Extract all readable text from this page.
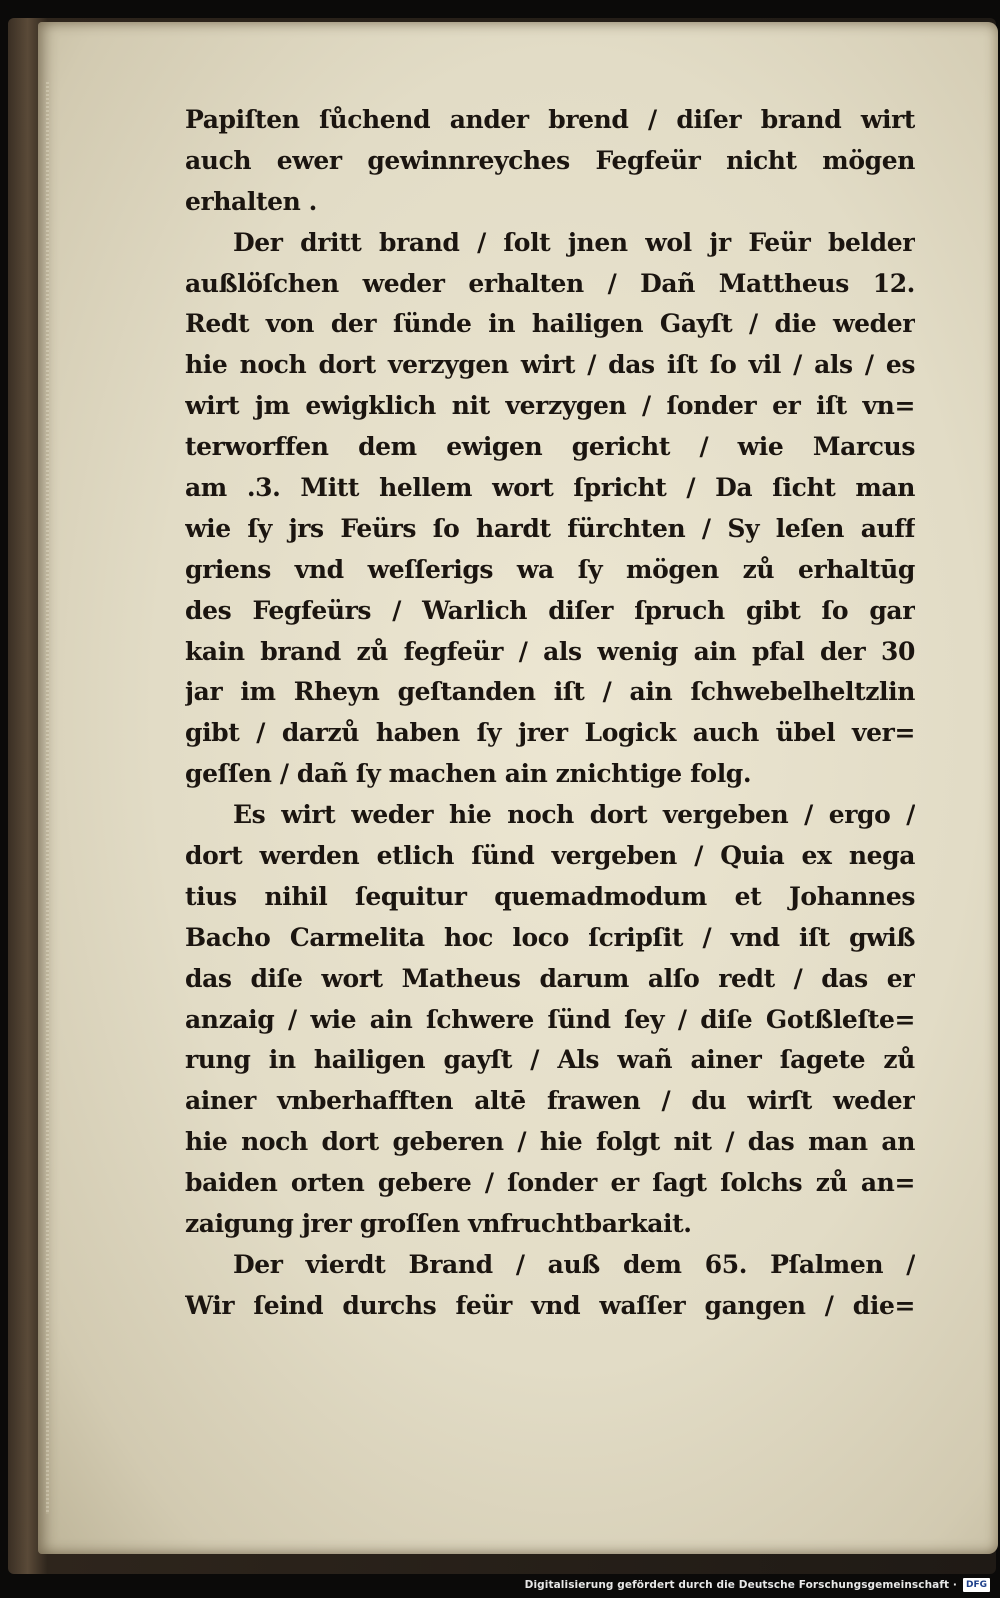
Papiſten ſůchend ander brend / diſer brand wirt
auch ewer gewinnreyches Fegfeür nicht mögen
erhalten .
Der dritt brand / ſolt jnen wol jr Feür belder
außlöſchen weder erhalten / Dañ Mattheus 12.
Redt von der ſünde in hailigen Gayſt / die weder
hie noch dort verzygen wirt / das iſt ſo vil / als / es
wirt jm ewigklich nit verzygen / ſonder er iſt vn=
terworffen dem ewigen gericht / wie Marcus
am .3. Mitt hellem wort ſpricht / Da ſicht man
wie ſy jrs Feürs ſo hardt fürchten / Sy leſen auff
griens vnd weſſerigs wa ſy mögen zů erhaltūg
des Fegfeürs / Warlich diſer ſpruch gibt ſo gar
kain brand zů fegfeür / als wenig ain pfal der 30
jar im Rheyn geſtanden iſt / ain ſchwebelheltzlin
gibt / darzů haben ſy jrer Logick auch übel ver=
geſſen / dañ ſy machen ain znichtige folg.
Es wirt weder hie noch dort vergeben / ergo /
dort werden etlich ſünd vergeben / Quia ex nega
tius nihil ſequitur quemadmodum et Johannes
Bacho Carmelita hoc loco ſcripſit / vnd iſt gwiß
das diſe wort Matheus darum alſo redt / das er
anzaig / wie ain ſchwere ſünd ſey / diſe Gotßleſte=
rung in hailigen gayſt / Als wañ ainer ſagete zů
ainer vnberhafften altē frawen / du wirſt weder
hie noch dort geberen / hie folgt nit / das man an
baiden orten gebere / ſonder er ſagt ſolchs zů an=
zaigung jrer groſſen vnfruchtbarkait.
Der vierdt Brand / auß dem 65. Pſalmen /
Wir ſeind durchs feür vnd waſſer gangen / die=
Digitalisierung gefördert durch die Deutsche Forschungsgemeinschaft ·	DFG
